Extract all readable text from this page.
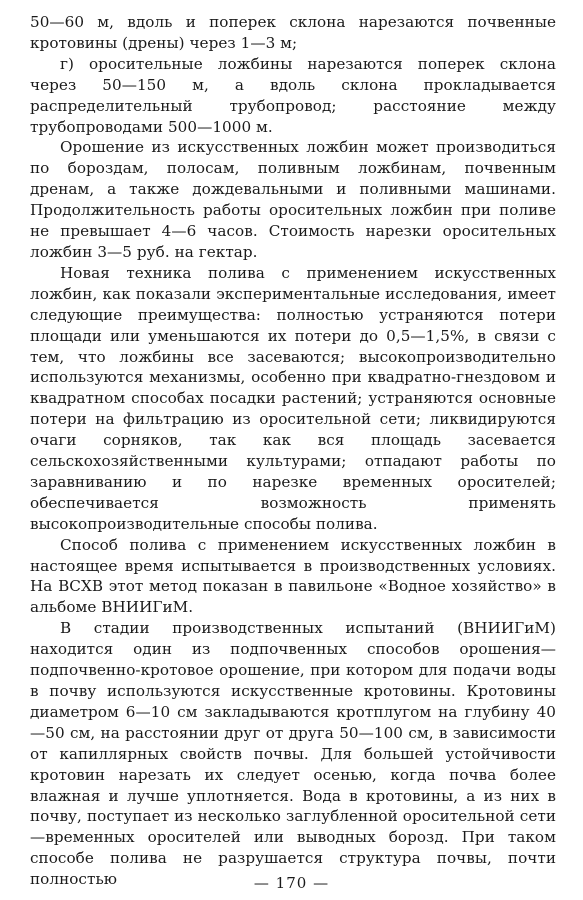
50—60 м, вдоль и поперек склона нарезаются почвенные кротовины (дрены) через 1—3 м;

г) оросительные ложбины нарезаются поперек склона через 50—150 м, а вдоль склона прокладывается распределительный трубопровод; расстояние между трубопроводами 500—1000 м.

Орошение из искусственных ложбин может производиться по бороздам, полосам, поливным ложбинам, почвенным дренам, а также дождевальными и поливными машинами. Продолжительность работы оросительных ложбин при поливе не превышает 4—6 часов. Стоимость нарезки оросительных ложбин 3—5 руб. на гектар.

Новая техника полива с применением искусственных ложбин, как показали экспериментальные исследования, имеет следующие преимущества: полностью устраняются потери площади или уменьшаются их потери до 0,5—1,5%, в связи с тем, что ложбины все засеваются; высокопроизводительно используются механизмы, особенно при квадратно-гнездовом и квадратном способах посадки растений; устраняются основные потери на фильтрацию из оросительной сети; ликвидируются очаги сорняков, так как вся площадь засевается сельскохозяйственными культурами; отпадают работы по заравниванию и по нарезке временных оросителей; обеспечивается возможность применять высокопроизводительные способы полива.

Способ полива с применением искусственных ложбин в настоящее время испытывается в производственных условиях. На ВСХВ этот метод показан в павильоне «Водное хозяйство» в альбоме ВНИИГиМ.

В стадии производственных испытаний (ВНИИГиМ) находится один из подпочвенных способов орошения—подпочвенно-кротовое орошение, при котором для подачи воды в почву используются искусственные кротовины. Кротовины диаметром 6—10 см закладываются кротплугом на глубину 40—50 см, на расстоянии друг от друга 50—100 см, в зависимости от капиллярных свойств почвы. Для большей устойчивости кротовин нарезать их следует осенью, когда почва более влажная и лучше уплотняется. Вода в кротовины, а из них в почву, поступает из несколько заглубленной оросительной сети—временных оросителей или выводных борозд. При таком способе полива не разрушается структура почвы, почти полностью	— 170 —
